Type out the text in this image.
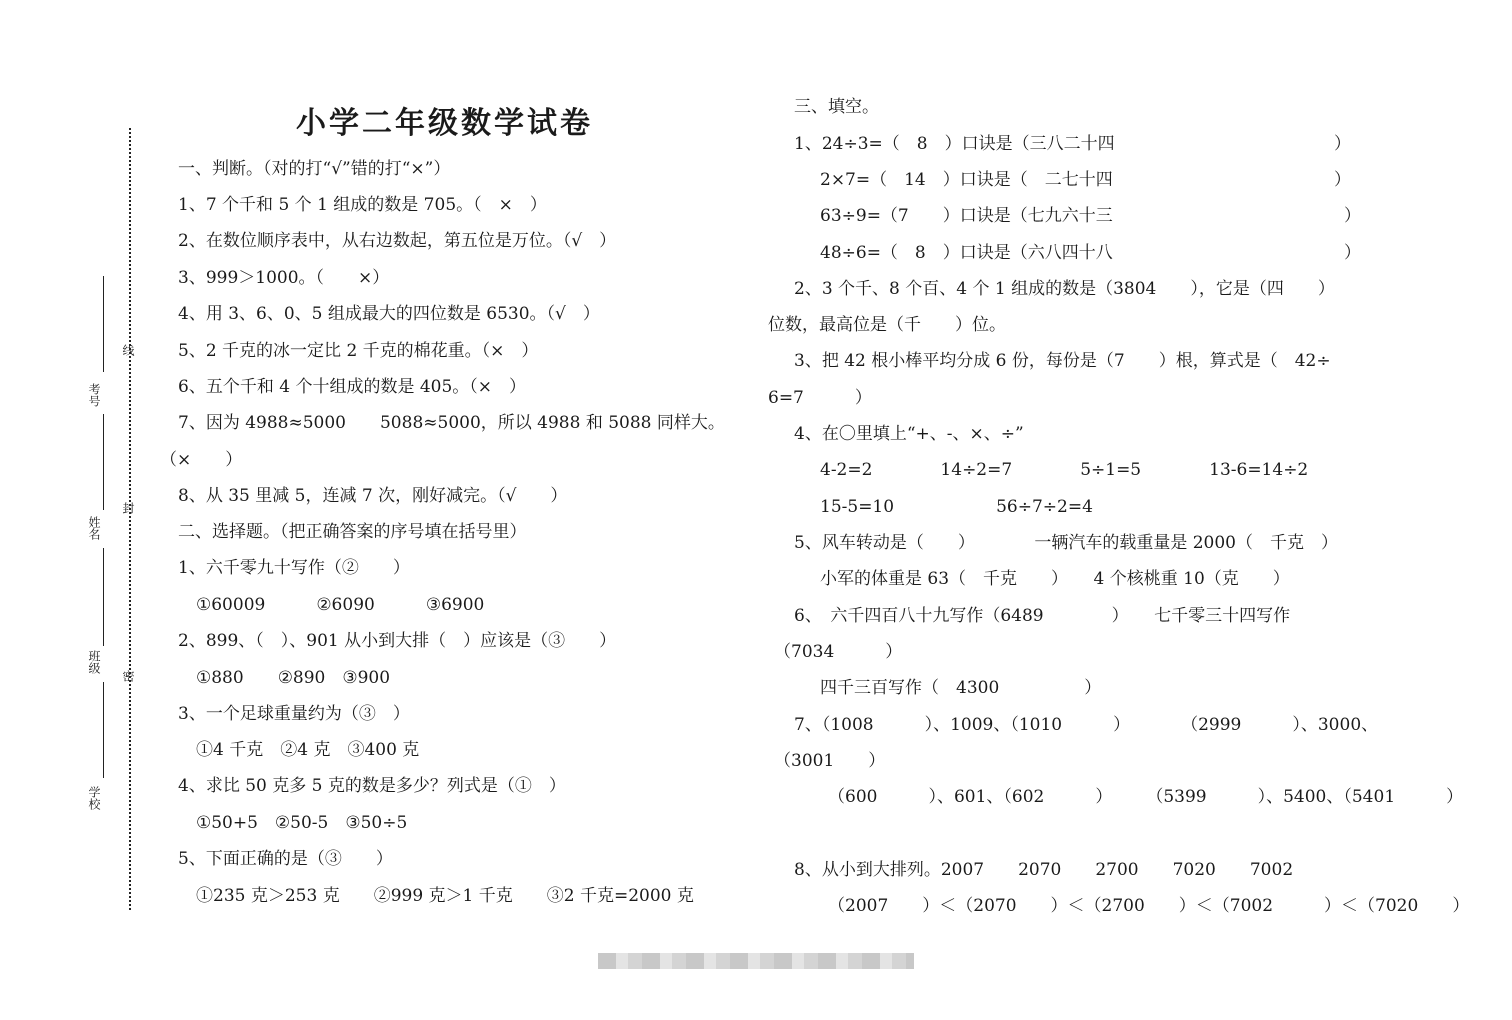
小学二年级数学试卷
线
封
密
考号
姓名
班级
学校
一、判断。（对的打“√”错的打“×”）
1、7 个千和 5 个 1 组成的数是 705。（　×　）
2、在数位顺序表中，从右边数起，第五位是万位。（√　）
3、999＞1000。（　　×）
4、用 3、6、0、5 组成最大的四位数是 6530。（√　）
5、2 千克的冰一定比 2 千克的棉花重。（×　）
6、五个千和 4 个十组成的数是 405。（×　）
7、因为 4988≈5000　　5088≈5000，所以 4988 和 5088 同样大。
（×　　）
8、从 35 里减 5，连减 7 次，刚好减完。（√　　）
二、选择题。（把正确答案的序号填在括号里）
1、六千零九十写作（②　　）
①60009　　　②6090　　　③6900
2、899、（　）、901 从小到大排（　）应该是（③　　）
①880　　②890　③900
3、一个足球重量约为（③　）
①4 千克　②4 克　③400 克
4、求比 50 克多 5 克的数是多少？列式是（①　）
①50+5　②50-5　③50÷5
5、下面正确的是（③　　）
①235 克＞253 克　　②999 克＞1 千克　　③2 千克=2000 克
三、填空。
1、24÷3=（　8　）口诀是（三八二十四	）
2×7=（　14　）口诀是（　二七十四	）
63÷9=（7　　）口诀是（七九六十三	）
48÷6=（　8　）口诀是（六八四十八	）
2、3 个千、8 个百、4 个 1 组成的数是（3804　　），它是（四　　）
位数，最高位是（千　　）位。
3、把 42 根小棒平均分成 6 份，每份是（7　　）根，算式是（　42÷
6=7　　　）
4、在〇里填上“+、-、×、÷”
4-2=2　　　　14÷2=7　　　　5÷1=5　　　　13-6=14÷2
15-5=10　　　　　　56÷7÷2=4
5、风车转动是（　　）　　　　一辆汽车的载重量是 2000（　千克　）
小军的体重是 63（　千克　　）　　4 个核桃重 10（克　　）
6、　六千四百八十九写作（6489　　　　）　　七千零三十四写作
（7034　　　）
四千三百写作（　4300　　　　　）
7、（1008　　　）、1009、（1010　　　）　　　　（2999　　　）、3000、
（3001　　）
（600　　　）、601、（602　　　）　　　（5399　　　）、5400、（5401　　　）
8、从小到大排列。2007　　2070　　2700　　7020　　7002
（2007　　）＜（2070　　）＜（2700　　）＜（7002　　　）＜（7020　　）
